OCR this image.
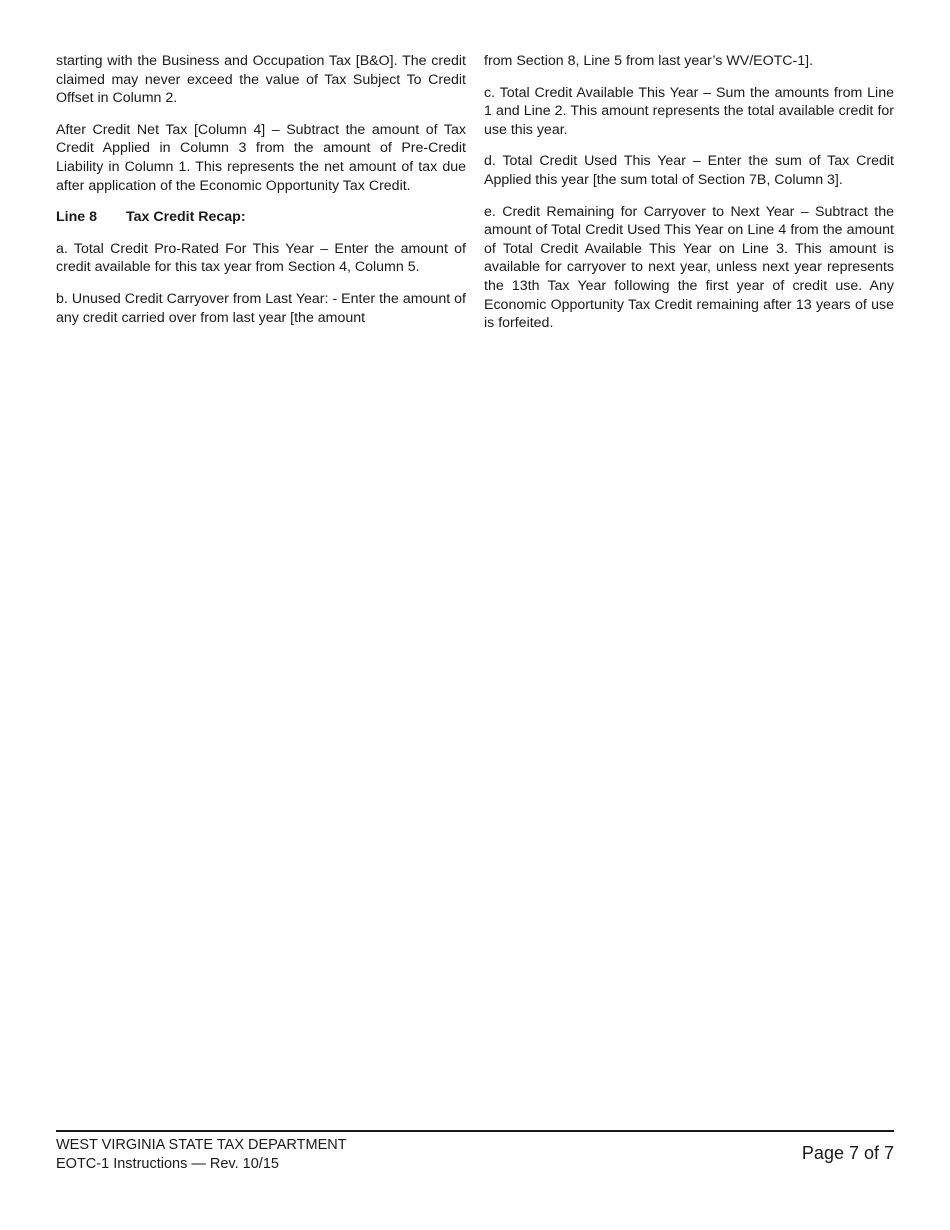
starting with the Business and Occupation Tax [B&O]. The credit claimed may never exceed the value of Tax Subject To Credit Offset in Column 2.

After Credit Net Tax [Column 4] – Subtract the amount of Tax Credit Applied in Column 3 from the amount of Pre-Credit Liability in Column 1. This represents the net amount of tax due after application of the Economic Opportunity Tax Credit.

Line 8	Tax Credit Recap:

a. Total Credit Pro-Rated For This Year – Enter the amount of credit available for this tax year from Section 4, Column 5.

b. Unused Credit Carryover from Last Year: - Enter the amount of any credit carried over from last year [the amount

from Section 8, Line 5 from last year’s WV/EOTC-1].

c. Total Credit Available This Year – Sum the amounts from Line 1 and Line 2. This amount represents the total available credit for use this year.

d. Total Credit Used This Year – Enter the sum of Tax Credit Applied this year [the sum total of Section 7B, Column 3].

e. Credit Remaining for Carryover to Next Year – Subtract the amount of Total Credit Used This Year on Line 4 from the amount of Total Credit Available This Year on Line 3. This amount is available for carryover to next year, unless next year represents the 13th Tax Year following the first year of credit use. Any Economic Opportunity Tax Credit remaining after 13 years of use is forfeited.

WEST VIRGINIA STATE TAX DEPARTMENT
EOTC-1 Instructions — Rev. 10/15
Page 7 of 7
